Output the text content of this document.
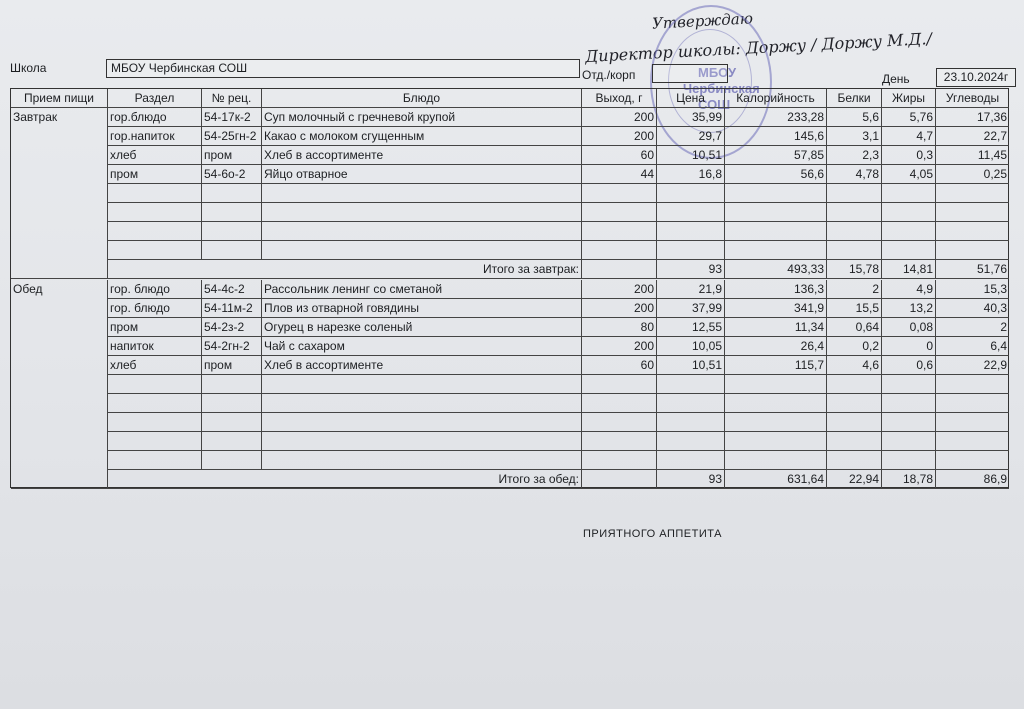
Утверждаю
Директор школы: Доржу / Доржу М.Д./
МБОУ
Чербинская
СОШ
Школа	МБОУ Чербинская СОШ	Отд./корп	День	23.10.2024г
Прием пищи	Раздел	№ рец.	Блюдо	Выход, г	Цена	Калорийность	Белки	Жиры	Углеводы
Завтрак	гор.блюдо	54-17к-2	Суп молочный с гречневой крупой	200	35,99	233,28	5,6	5,76	17,36
гор.напиток	54-25гн-2 Какао с молоком сгущенным	200	29,7	145,6	3,1	4,7	22,7
хлеб	пром	Хлеб в ассортименте	60	10,51	57,85	2,3	0,3	11,45
пром	54-6о-2	Яйцо отварное	44	16,8	56,6	4,78	4,05	0,25
Итого за завтрак:	93	493,33	15,78	14,81	51,76
Обед	гор. блюдо	54-4с-2	Рассольник ленинг со сметаной	200	21,9	136,3	2	4,9	15,3
гор. блюдо	54-11м-2 Плов из отварной говядины	200	37,99	341,9	15,5	13,2	40,3
пром	54-2з-2	Огурец в нарезке соленый	80	12,55	11,34	0,64	0,08	2
напиток	54-2гн-2	Чай с сахаром	200	10,05	26,4	0,2	0	6,4
хлеб	пром	Хлеб в ассортименте	60	10,51	115,7	4,6	0,6	22,9
Итого за обед:	93	631,64	22,94	18,78	86,9
ПРИЯТНОГО АППЕТИТА
